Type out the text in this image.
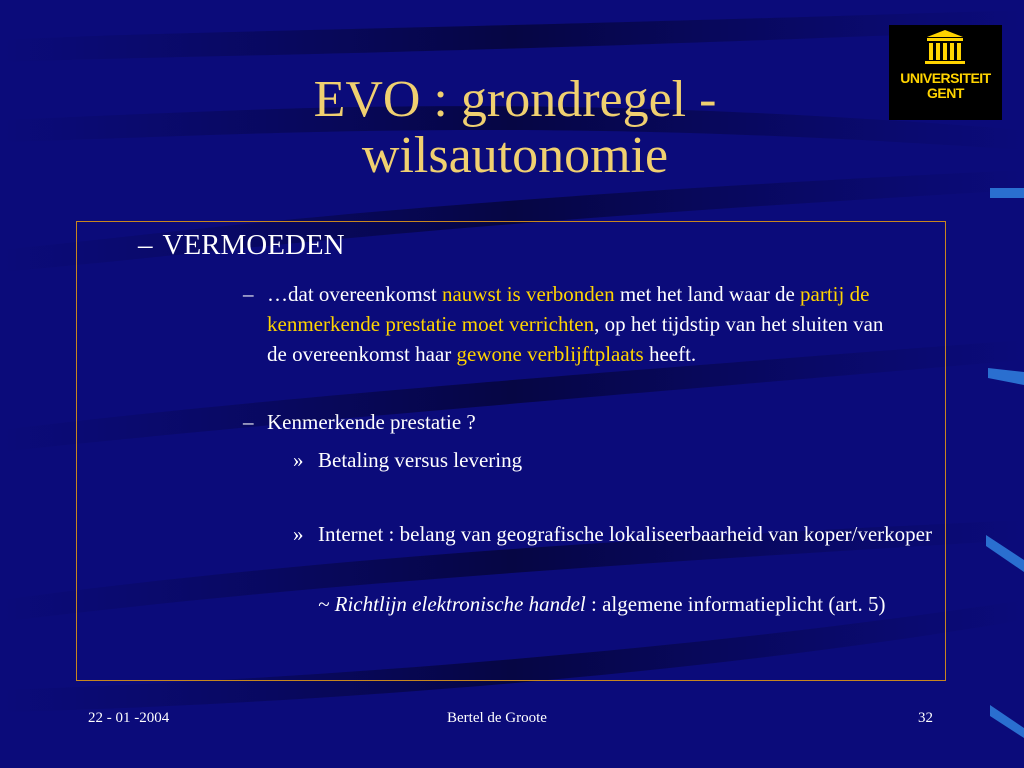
EVO : grondregel -
wilsautonomie
UNIVERSITEIT
GENT
– VERMOEDEN
– …dat overeenkomst nauwst is verbonden met het land waar de partij de kenmerkende prestatie moet verrichten, op het tijdstip van het sluiten van de overeenkomst haar gewone verblijftplaats heeft.
– Kenmerkende prestatie ?
» Betaling versus levering
» Internet : belang van geografische lokaliseerbaarheid van koper/verkoper
~ Richtlijn elektronische handel : algemene informatieplicht (art. 5)
22 - 01 -2004	Bertel de Groote	32
